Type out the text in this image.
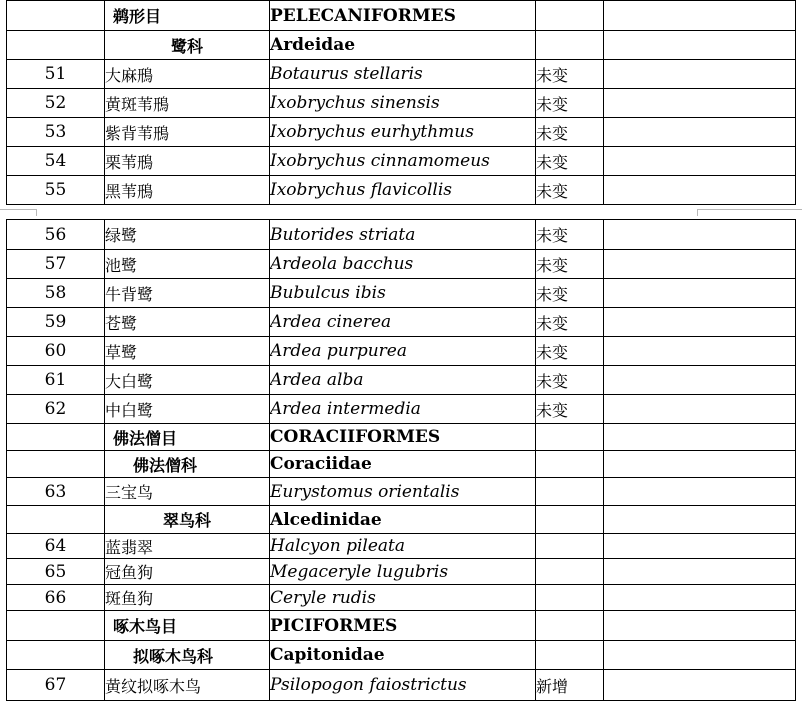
	鹈形目	PELECANIFORMES		
	鹭科	Ardeidae		
51	大麻鳽	Botaurus stellaris	未变	
52	黄斑苇鳽	Ixobrychus sinensis	未变	
53	紫背苇鳽	Ixobrychus eurhythmus	未变	
54	栗苇鳽	Ixobrychus cinnamomeus	未变	
55	黑苇鳽	Ixobrychus flavicollis	未变	
56	绿鹭	Butorides striata	未变	
57	池鹭	Ardeola bacchus	未变	
58	牛背鹭	Bubulcus ibis	未变	
59	苍鹭	Ardea cinerea	未变	
60	草鹭	Ardea purpurea	未变	
61	大白鹭	Ardea alba	未变	
62	中白鹭	Ardea intermedia	未变	
	佛法僧目	CORACIIFORMES		
	佛法僧科	Coraciidae		
63	三宝鸟	Eurystomus orientalis		
	翠鸟科	Alcedinidae		
64	蓝翡翠	Halcyon pileata		
65	冠鱼狗	Megaceryle lugubris		
66	斑鱼狗	Ceryle rudis		
	啄木鸟目	PICIFORMES		
	拟啄木鸟科	Capitonidae		
67	黄纹拟啄木鸟	Psilopogon faiostrictus	新增	
